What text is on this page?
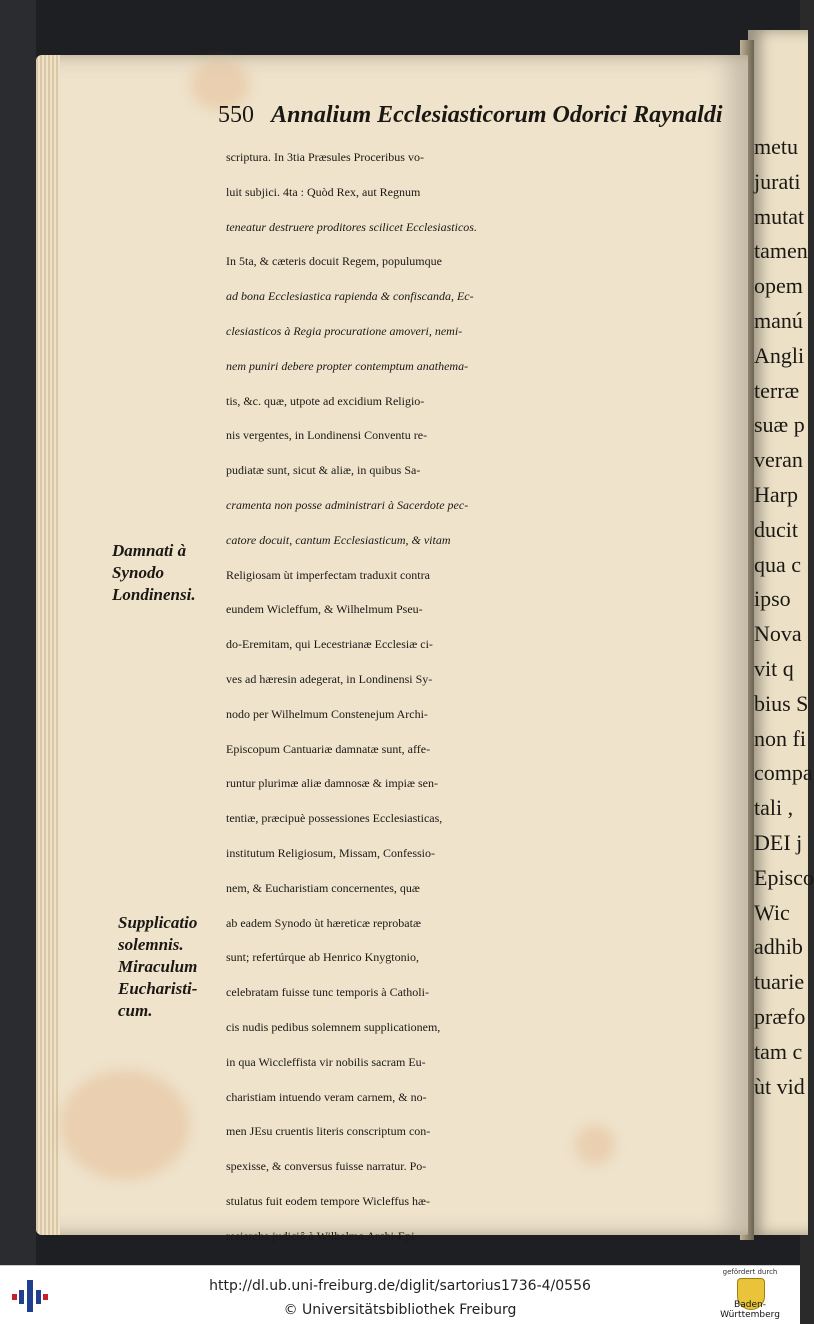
550 Annalium Ecclesiasticorum Odorici Raynaldi
scriptura. In 3tia Præsules Proceribus vo-
luit subjici. 4ta : Quòd Rex, aut Regnum
teneatur destruere proditores scilicet Ecclesiasticos.
In 5ta, & cæteris docuit Regem, populumque
ad bona Ecclesiastica rapienda & confiscanda, Ec-
clesiasticos à Regia procuratione amoveri, nemi-
nem puniri debere propter contemptum anathema-
tis, &c. quæ, utpote ad excidium Religio-
nis vergentes, in Londinensi Conventu re-
pudiatæ sunt, sicut & aliæ, in quibus Sa-
cramenta non posse administrari à Sacerdote pec-
catore docuit, cantum Ecclesiasticum, & vitam
Religiosam ùt imperfectam traduxit contra
eundem Wicleffum, & Wilhelmum Pseu-
do-Eremitam, qui Lecestrianæ Ecclesiæ ci-
ves ad hæresin adegerat, in Londinensi Sy-
nodo per Wilhelmum Constenejum Archi-
Episcopum Cantuariæ damnatæ sunt, affe-
runtur plurimæ aliæ damnosæ & impiæ sen-
tentiæ, præcipuè possessiones Ecclesiasticas,
institutum Religiosum, Missam, Confessio-
nem, & Eucharistiam concernentes, quæ
ab eadem Synodo ùt hæreticæ reprobatæ
sunt; refertúrque ab Henrico Knygtonio,
celebratam fuisse tunc temporis à Catholi-
cis nudis pedibus solemnem supplicationem,
in qua Wiccleffista vir nobilis sacram Eu-
charistiam intuendo veram carnem, & no-
men JEsu cruentis literis conscriptum con-
spexisse, & conversus fuisse narratur. Po-
stulatus fuit eodem tempore Wicleffus hæ-
resiarcha judiciô à Wilhelmo Archi-Epi-
Damnati à
Synodo
Londinensi.
Supplicatio
solemnis.
Miraculum
Eucharisti-
cum.
metu
jurati
mutat
tamen
opem
manú
Angli
terræ
suæ p
veran
Harp
ducit
qua c
ipso
Nova
vit q
bius S
non fi
compa
tali ,
DEI j
Episco
Wic
adhib
tuarie
præfo
tam c
ùt vid
http://dl.ub.uni-freiburg.de/diglit/sartorius1736-4/0556
© Universitätsbibliothek Freiburg
gefördert durch
Baden-Württemberg
